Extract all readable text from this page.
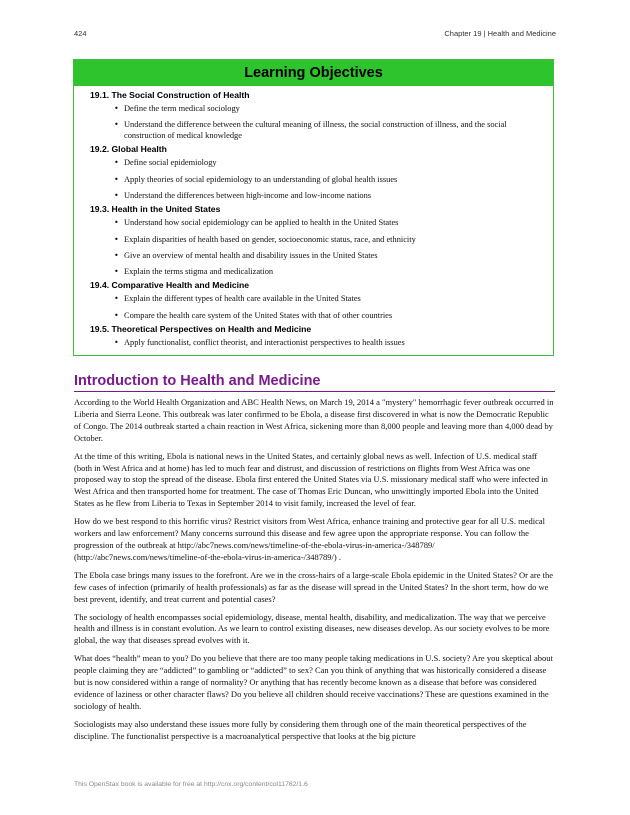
424	Chapter 19 | Health and Medicine
Learning Objectives
19.1. The Social Construction of Health
• Define the term medical sociology
• Understand the difference between the cultural meaning of illness, the social construction of illness, and the social construction of medical knowledge
19.2. Global Health
• Define social epidemiology
• Apply theories of social epidemiology to an understanding of global health issues
• Understand the differences between high-income and low-income nations
19.3. Health in the United States
• Understand how social epidemiology can be applied to health in the United States
• Explain disparities of health based on gender, socioeconomic status, race, and ethnicity
• Give an overview of mental health and disability issues in the United States
• Explain the terms stigma and medicalization
19.4. Comparative Health and Medicine
• Explain the different types of health care available in the United States
• Compare the health care system of the United States with that of other countries
19.5. Theoretical Perspectives on Health and Medicine
• Apply functionalist, conflict theorist, and interactionist perspectives to health issues
Introduction to Health and Medicine

According to the World Health Organization and ABC Health News, on March 19, 2014 a "mystery" hemorrhagic fever outbreak occurred in Liberia and Sierra Leone. This outbreak was later confirmed to be Ebola, a disease first discovered in what is now the Democratic Republic of Congo. The 2014 outbreak started a chain reaction in West Africa, sickening more than 8,000 people and leaving more than 4,000 dead by October.

At the time of this writing, Ebola is national news in the United States, and certainly global news as well. Infection of U.S. medical staff (both in West Africa and at home) has led to much fear and distrust, and discussion of restrictions on flights from West Africa was one proposed way to stop the spread of the disease. Ebola first entered the United States via U.S. missionary medical staff who were infected in West Africa and then transported home for treatment. The case of Thomas Eric Duncan, who unwittingly imported Ebola into the United States as he flew from Liberia to Texas in September 2014 to visit family, increased the level of fear.

How do we best respond to this horrific virus? Restrict visitors from West Africa, enhance training and protective gear for all U.S. medical workers and law enforcement? Many concerns surround this disease and few agree upon the appropriate response. You can follow the progression of the outbreak at http://abc7news.com/news/timeline-of-the-ebola-virus-in-america-/348789/ (http://abc7news.com/news/timeline-of-the-ebola-virus-in-america-/348789/) .

The Ebola case brings many issues to the forefront. Are we in the cross-hairs of a large-scale Ebola epidemic in the United States? Or are the few cases of infection (primarily of health professionals) as far as the disease will spread in the United States? In the short term, how do we best prevent, identify, and treat current and potential cases?

The sociology of health encompasses social epidemiology, disease, mental health, disability, and medicalization. The way that we perceive health and illness is in constant evolution. As we learn to control existing diseases, new diseases develop. As our society evolves to be more global, the way that diseases spread evolves with it.

What does “health” mean to you? Do you believe that there are too many people taking medications in U.S. society? Are you skeptical about people claiming they are “addicted” to gambling or “addicted” to sex? Can you think of anything that was historically considered a disease but is now considered within a range of normality? Or anything that has recently become known as a disease that before was considered evidence of laziness or other character flaws? Do you believe all children should receive vaccinations? These are questions examined in the sociology of health.

Sociologists may also understand these issues more fully by considering them through one of the main theoretical perspectives of the discipline. The functionalist perspective is a macroanalytical perspective that looks at the big picture

This OpenStax book is available for free at http://cnx.org/content/col11762/1.6
